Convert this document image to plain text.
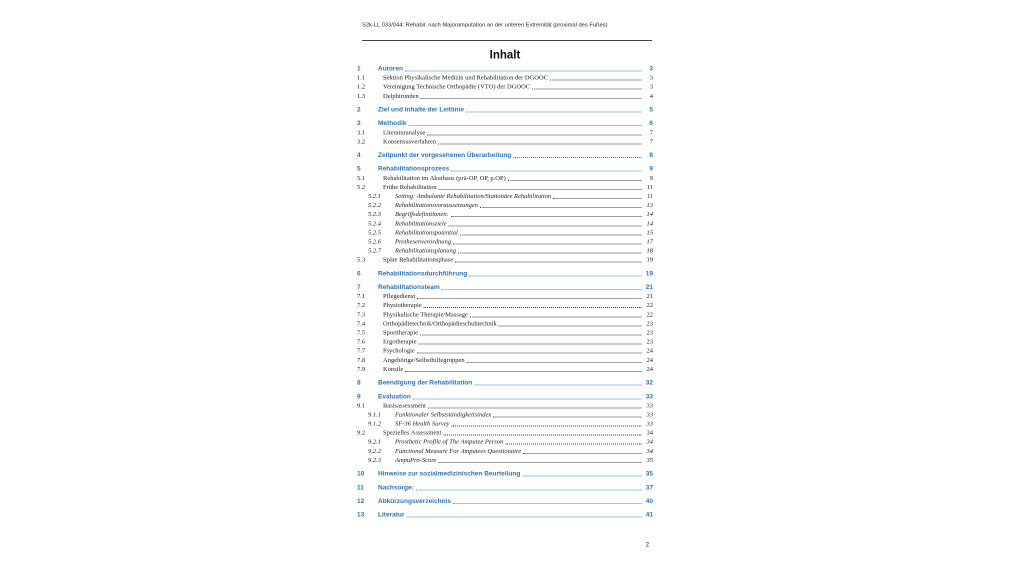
S2k-LL 033/044: Rehabil. nach Majoramputation an der unteren Extremität (proximal des Fußes)
Inhalt
1	Autoren	3
1.1	Sektion Physikalische Medizin und Rehabilitation der DGOOC	3
1.2	Vereinigung Technische Orthopädie (VTO) der DGOOC	3
1.3	Delphirunden	4
2	Ziel und Inhalte der Leitlinie	5
3	Methodik	6
3.1	Literaturanalyse	7
3.2	Konsensusverfahren	7
4	Zeitpunkt der vorgesehenen Überarbeitung	8
5	Rehabilitationsprozess	9
5.1	Rehabilitation im Akuthaus (prä-OP, OP, p.OP)	9
5.2	Frühe Rehabilitation	11
5.2.1	Setting: Ambulante Rehabilitation/Stationäre Rehabilitation	11
5.2.2	Rehabilitationsvoraussetzungen	13
5.2.3	Begriffsdefinitionen:	14
5.2.4	Rehabilitationsziele	14
5.2.5	Rehabilitationspotential	15
5.2.6	Prothesenverordnung	17
5.2.7	Rehabilitationsplanung	18
5.3	Späte Rehabilitationsphase	19
6	Rehabilitationsdurchführung	19
7	Rehabilitationsteam	21
7.1	Pflegedienst	21
7.2	Physiotherapie	22
7.3	Physikalische Therapie/Massage	22
7.4	Orthopädietechnik/Orthopädieschuhtechnik	23
7.5	Sporttherapie	23
7.6	Ergotherapie	23
7.7	Psychologie	24
7.8	Angehörige/Selbsthilfegruppen	24
7.9	Konsile	24
8	Beendigung der Rehabilitation	32
9	Evaluation	33
9.1	Basisassessment	33
9.1.1	Funktionaler Selbstständigkeitsindex	33
9.1.2	SF-36 Health Survey	33
9.2	Spezielles Assessment	34
9.2.1	Prosthetic Profile of The Amputee Person	34
9.2.2	Functional Measure For Amputees Questionaire	34
9.2.3	AmpuPro-Score	35
10	Hinweise zur sozialmedizinischen Beurteilung	35
11	Nachsorge:	37
12	Abkürzungsverzeichnis	40
13	Literatur	41
2
